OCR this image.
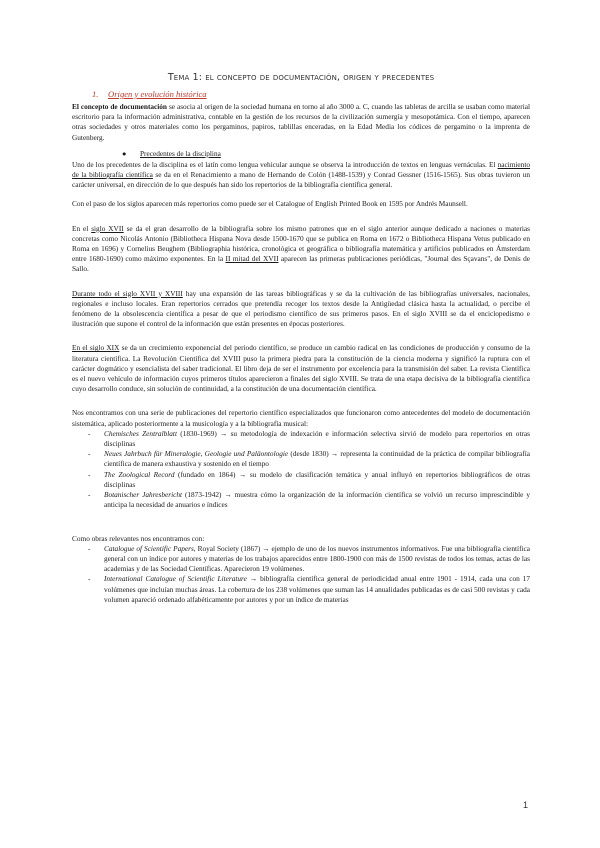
Tema 1: el concepto de documentación, origen y precedentes
1. Origen y evolución histórica

El concepto de documentación se asocia al origen de la sociedad humana en torno al año 3000 a. C, cuando las tabletas de arcilla se usaban como material escritorio para la información administrativa, contable en la gestión de los recursos de la civilización sumergía y mesopotámica. Con el tiempo, aparecen otras sociedades y otros materiales como los pergaminos, papiros, tablillas enceradas, en la Edad Media los códices de pergamino o la imprenta de Gutenberg.

● Precedentes de la disciplina

Uno de los precedentes de la disciplina es el latín como lengua vehicular aunque se observa la introducción de textos en lenguas vernáculas. El nacimiento de la bibliografía científica se da en el Renacimiento a mano de Hernando de Colón (1488-1539) y Conrad Gessner (1516-1565). Sus obras tuvieron un carácter universal, en dirección de lo que después han sido los repertorios de la bibliografía científica general.

Con el paso de los siglos aparecen más repertorios como puede ser el Catalogue of English Printed Book en 1595 por Andrés Maunsell.

En el siglo XVII se da el gran desarrollo de la bibliografía sobre los mismo patrones que en el siglo anterior aunque dedicado a naciones o materias concretas como Nicolás Antonio (Bibliotheca Hispana Nova desde 1500-1670 que se publica en Roma en 1672 o Bibliotheca Hispana Vetus publicado en Roma en 1696) y Cornelius Beughem (Bibliographia histórica, cronológica et geográfica o bibliografía matemática y artificios publicados en Ámsterdam entre 1680-1690) como máximo exponentes. En la II mitad del XVII aparecen las primeras publicaciones periódicas, "Journal des Sçavans", de Denis de Sallo.

Durante todo el siglo XVII y XVIII hay una expansión de las tareas bibliográficas y se da la cultivación de las bibliografías universales, nacionales, regionales e incluso locales. Eran repertorios cerrados que pretendía recoger los textos desde la Antigüedad clásica hasta la actualidad, o percibe el fenómeno de la obsolescencia científica a pesar de que el periodismo científico de sus primeros pasos. En el siglo XVIII se da el enciclopedismo e ilustración que supone el control de la información que están presentes en épocas posteriores.

En el siglo XIX se da un crecimiento exponencial del periodo científico, se produce un cambio radical en las condiciones de producción y consumo de la literatura científica. La Revolución Científica del XVIII puso la primera piedra para la constitución de la ciencia moderna y significó la ruptura con el carácter dogmático y esencialista del saber tradicional. El libro deja de ser el instrumento por excelencia para la transmisión del saber. La revista Científica es el nuevo vehículo de información cuyos primeros títulos aparecieron a finales del siglo XVIII. Se trata de una etapa decisiva de la bibliografía científica cuyo desarrollo conduce, sin solución de continuidad, a la constitución de una documentación científica.

Nos encontramos con una serie de publicaciones del repertorio científico especializados que funcionaron como antecedentes del modelo de documentación sistemática, aplicado posteriormente a la musicología y a la bibliografía musical:

- Chemisches Zentralblatt (1830-1969) → su metodología de indexación e información selectiva sirvió de modelo para repertorios en otras disciplinas
- Neues Jahrbuch für Mineralogie, Geologie und Paläontologie (desde 1830) → representa la continuidad de la práctica de compilar bibliografía científica de manera exhaustiva y sostenido en el tiempo
- The Zoological Record (fundado en 1864) → su modelo de clasificación temática y anual influyó en repertorios bibliográficos de otras disciplinas
- Botanischer Jahresbericht (1873-1942) → muestra cómo la organización de la información científica se volvió un recurso imprescindible y anticipa la necesidad de anuarios e índices

Como obras relevantes nos encontramos con:

- Catalogue of Scientific Papers, Royal Society (1867) → ejemplo de uno de los nuevos instrumentos informativos. Fue una bibliografía científica general con un índice por autores y materias de los trabajos aparecidos entre 1800-1900 con más de 1500 revistas de todos los temas, actas de las academias y de las Sociedad Científicas. Aparecieron 19 volúmenes.
- International Catalogue of Scientific Literature → bibliografía científica general de periodicidad anual entre 1901 - 1914, cada una con 17 volúmenes que incluían muchas áreas. La cobertura de los 238 volúmenes que suman las 14 anualidades publicadas es de casi 500 revistas y cada volumen apareció ordenado alfabéticamente por autores y por un índice de materias
1
